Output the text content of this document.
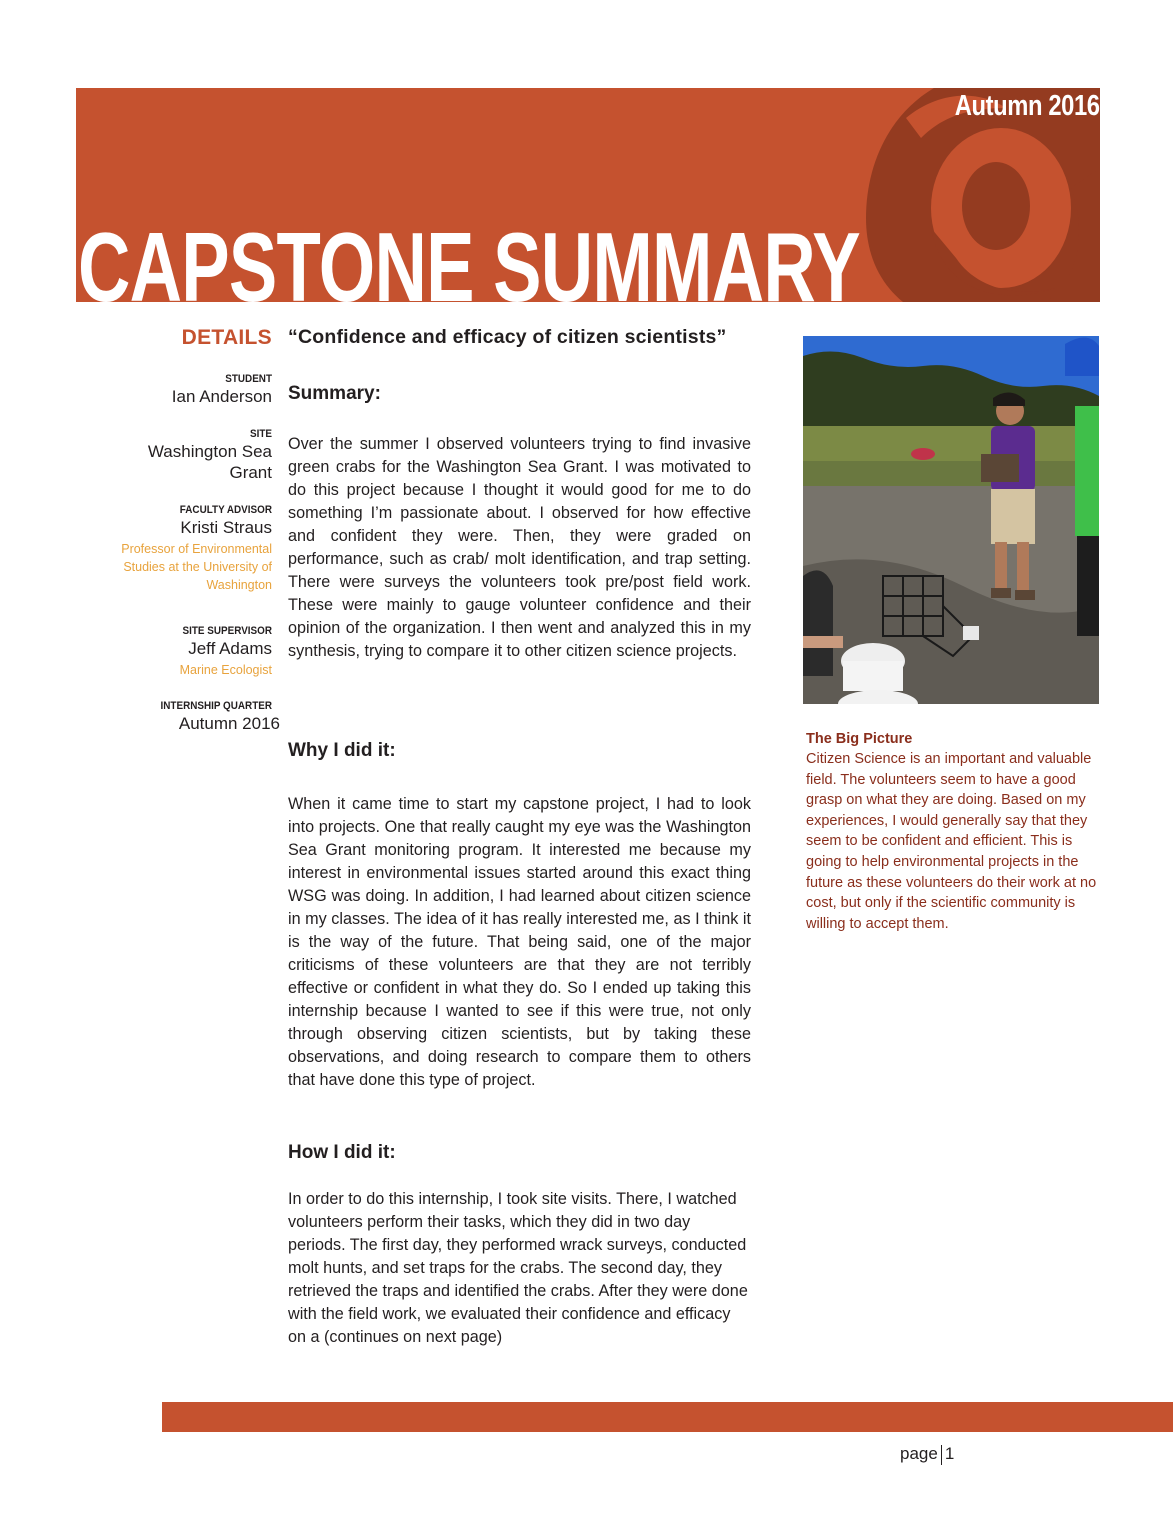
Autumn 2016
CAPSTONE SUMMARY
DETAILS
STUDENT
Ian Anderson
SITE
Washington Sea Grant
FACULTY ADVISOR
Kristi Straus
Professor of Environmental Studies at the University of Washington
SITE SUPERVISOR
Jeff Adams
Marine Ecologist
INTERNSHIP QUARTER
Autumn 2016
“Confidence and efficacy of citizen scientists”
Summary:

Over the summer I observed volunteers trying to find invasive green crabs for the Washington Sea Grant. I was motivated to do this project because I thought it would good for me to do something I’m passionate about. I observed for how effective and confident they were. Then, they were graded on performance, such as crab/ molt identification, and trap setting. There were surveys the volunteers took pre/post field work. These were mainly to gauge volunteer confidence and their opinion of the organization. I then went and analyzed this in my synthesis, trying to compare it to other citizen science projects.

Why I did it:

When it came time to start my capstone project, I had to look into projects. One that really caught my eye was the Washington Sea Grant monitoring program. It interested me because my interest in environmental issues started around this exact thing WSG was doing. In addition, I had learned about citizen science in my classes. The idea of it has really interested me, as I think it is the way of the future. That being said, one of the major criticisms of these volunteers are that they are not terribly effective or confident in what they do. So I ended up taking this internship because I wanted to see if this were true, not only through observing citizen scientists, but by taking these observations, and doing research to compare them to others that have done this type of project.

How I did it:

In order to do this internship, I took site visits. There, I watched volunteers perform their tasks, which they did in two day periods. The first day, they performed wrack surveys, conducted molt hunts, and set traps for the crabs. The second day, they retrieved the traps and identified the crabs. After they were done with the field work, we evaluated their confidence and efficacy on a (continues on next page)

The Big Picture
Citizen Science is an important and valuable field. The volunteers seem to have a good grasp on what they are doing. Based on my experiences, I would generally say that they seem to be confident and efficient. This is going to help environmental projects in the future as these volunteers do their work at no cost, but only if the scientific community is willing to accept them.
page 1
